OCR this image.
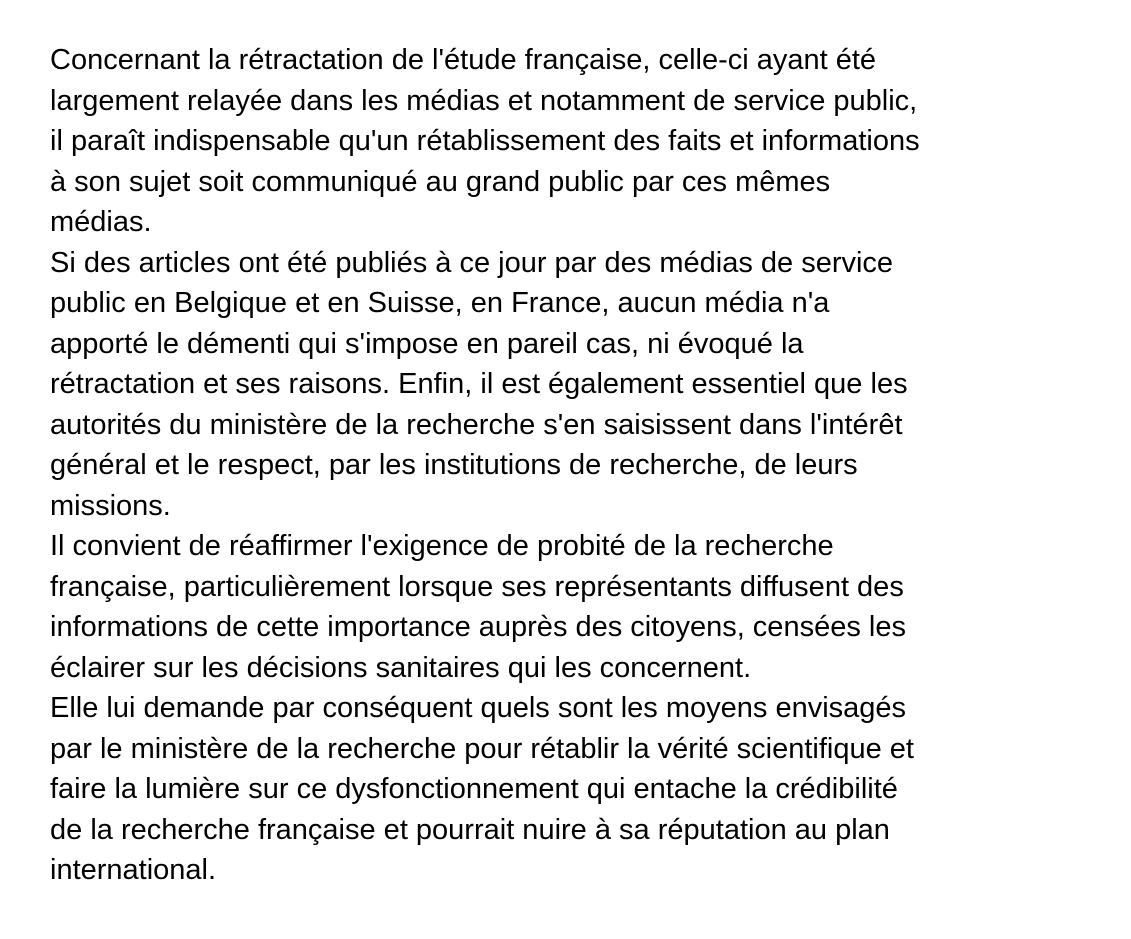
Concernant la rétractation de l'étude française, celle-ci ayant été
largement relayée dans les médias et notamment de service public,
il paraît indispensable qu'un rétablissement des faits et informations
à son sujet soit communiqué au grand public par ces mêmes
médias.
Si des articles ont été publiés à ce jour par des médias de service
public en Belgique et en Suisse, en France, aucun média n'a
apporté le démenti qui s'impose en pareil cas, ni évoqué la
rétractation et ses raisons. Enfin, il est également essentiel que les
autorités du ministère de la recherche s'en saisissent dans l'intérêt
général et le respect, par les institutions de recherche, de leurs
missions.
Il convient de réaffirmer l'exigence de probité de la recherche
française, particulièrement lorsque ses représentants diffusent des
informations de cette importance auprès des citoyens, censées les
éclairer sur les décisions sanitaires qui les concernent.
Elle lui demande par conséquent quels sont les moyens envisagés
par le ministère de la recherche pour rétablir la vérité scientifique et
faire la lumière sur ce dysfonctionnement qui entache la crédibilité
de la recherche française et pourrait nuire à sa réputation au plan
international.
